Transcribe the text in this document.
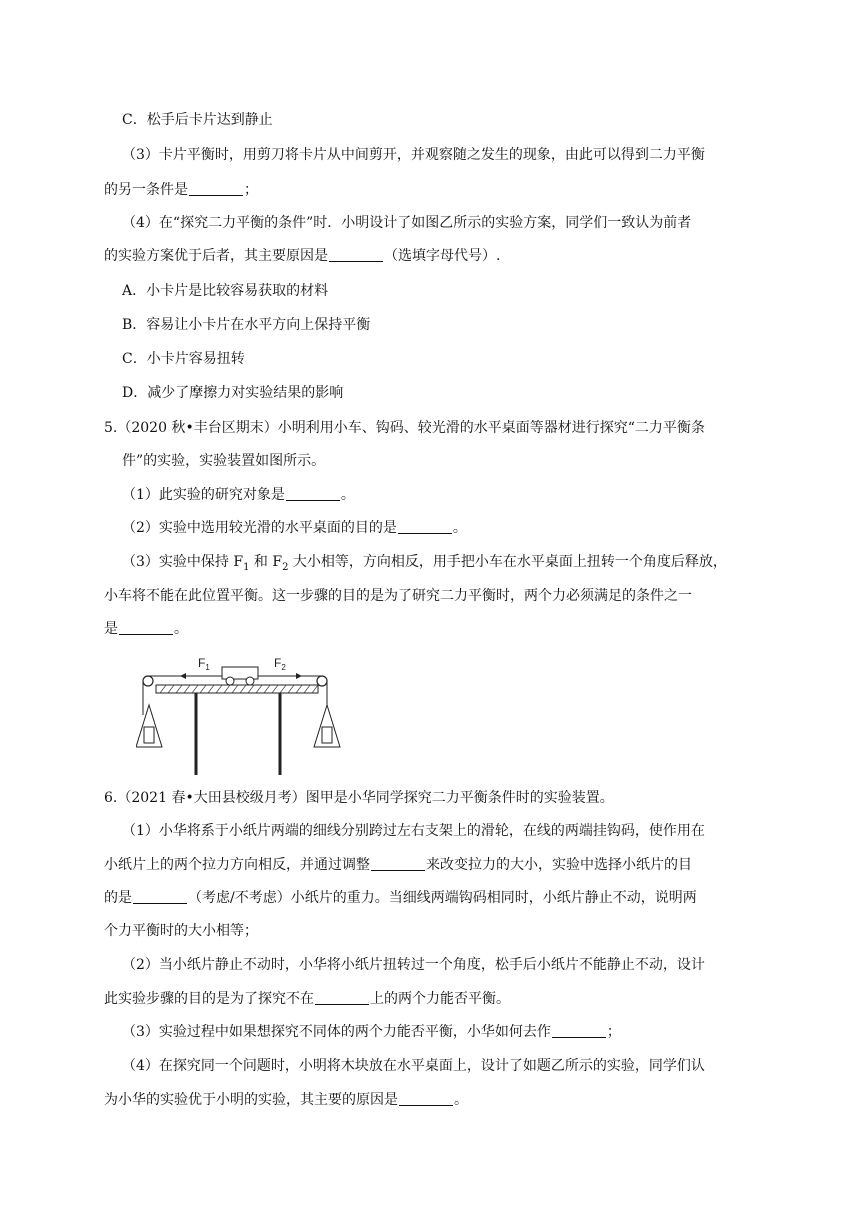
C．松手后卡片达到静止
（3）卡片平衡时，用剪刀将卡片从中间剪开，并观察随之发生的现象，由此可以得到二力平衡
的另一条件是	；
（4）在“探究二力平衡的条件”时．小明设计了如图乙所示的实验方案，同学们一致认为前者
的实验方案优于后者，其主要原因是	（选填字母代号）.
A．小卡片是比较容易获取的材料
B．容易让小卡片在水平方向上保持平衡
C．小卡片容易扭转
D．减少了摩擦力对实验结果的影响
5.（2020 秋•丰台区期末）小明利用小车、钩码、较光滑的水平桌面等器材进行探究“二力平衡条
件”的实验，实验装置如图所示。
（1）此实验的研究对象是	。
（2）实验中选用较光滑的水平桌面的目的是	。
（3）实验中保持 $F_1$ 和 $F_2$ 大小相等，方向相反，用手把小车在水平桌面上扭转一个角度后释放，
小车将不能在此位置平衡。这一步骤的目的是为了研究二力平衡时，两个力必须满足的条件之一
是	。
$F_1$	$F_2$
6.（2021 春•大田县校级月考）图甲是小华同学探究二力平衡条件时的实验装置。
（1）小华将系于小纸片两端的细线分别跨过左右支架上的滑轮，在线的两端挂钩码，使作用在
小纸片上的两个拉力方向相反，并通过调整	来改变拉力的大小，实验中选择小纸片的目
的是	（考虑/不考虑）小纸片的重力。当细线两端钩码相同时，小纸片静止不动，说明两
个力平衡时的大小相等；
（2）当小纸片静止不动时，小华将小纸片扭转过一个角度，松手后小纸片不能静止不动，设计
此实验步骤的目的是为了探究不在	上的两个力能否平衡。
（3）实验过程中如果想探究不同体的两个力能否平衡，小华如何去作	；
（4）在探究同一个问题时，小明将木块放在水平桌面上，设计了如题乙所示的实验，同学们认
为小华的实验优于小明的实验，其主要的原因是	。
